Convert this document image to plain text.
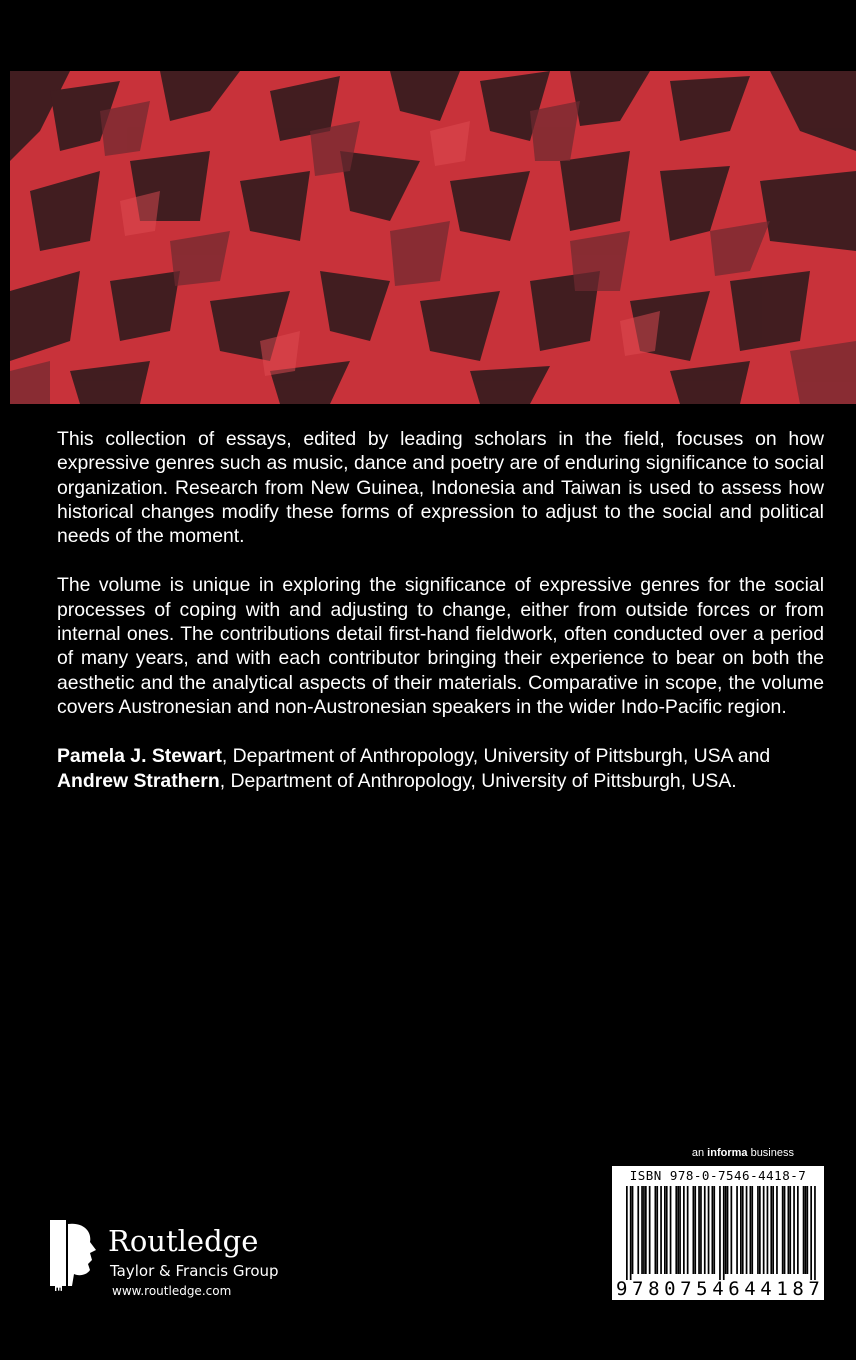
This collection of essays, edited by leading scholars in the field, focuses on how expressive genres such as music, dance and poetry are of enduring significance to social organization. Research from New Guinea, Indonesia and Taiwan is used to assess how historical changes modify these forms of expression to adjust to the social and political needs of the moment.

The volume is unique in exploring the significance of expressive genres for the social processes of coping with and adjusting to change, either from outside forces or from internal ones. The contributions detail first-hand fieldwork, often conducted over a period of many years, and with each contributor bringing their experience to bear on both the aesthetic and the analytical aspects of their materials. Comparative in scope, the volume covers Austronesian and non-Austronesian speakers in the wider Indo-Pacific region.

Pamela J. Stewart, Department of Anthropology, University of Pittsburgh, USA and
Andrew Strathern, Department of Anthropology, University of Pittsburgh, USA.

an informa business
ISBN 978-0-7546-4418-7
9 7 8 0 7 5 4 6 4 4 1 8 7
ROUTLEDGE Routledge
Taylor & Francis Group
www.routledge.com
